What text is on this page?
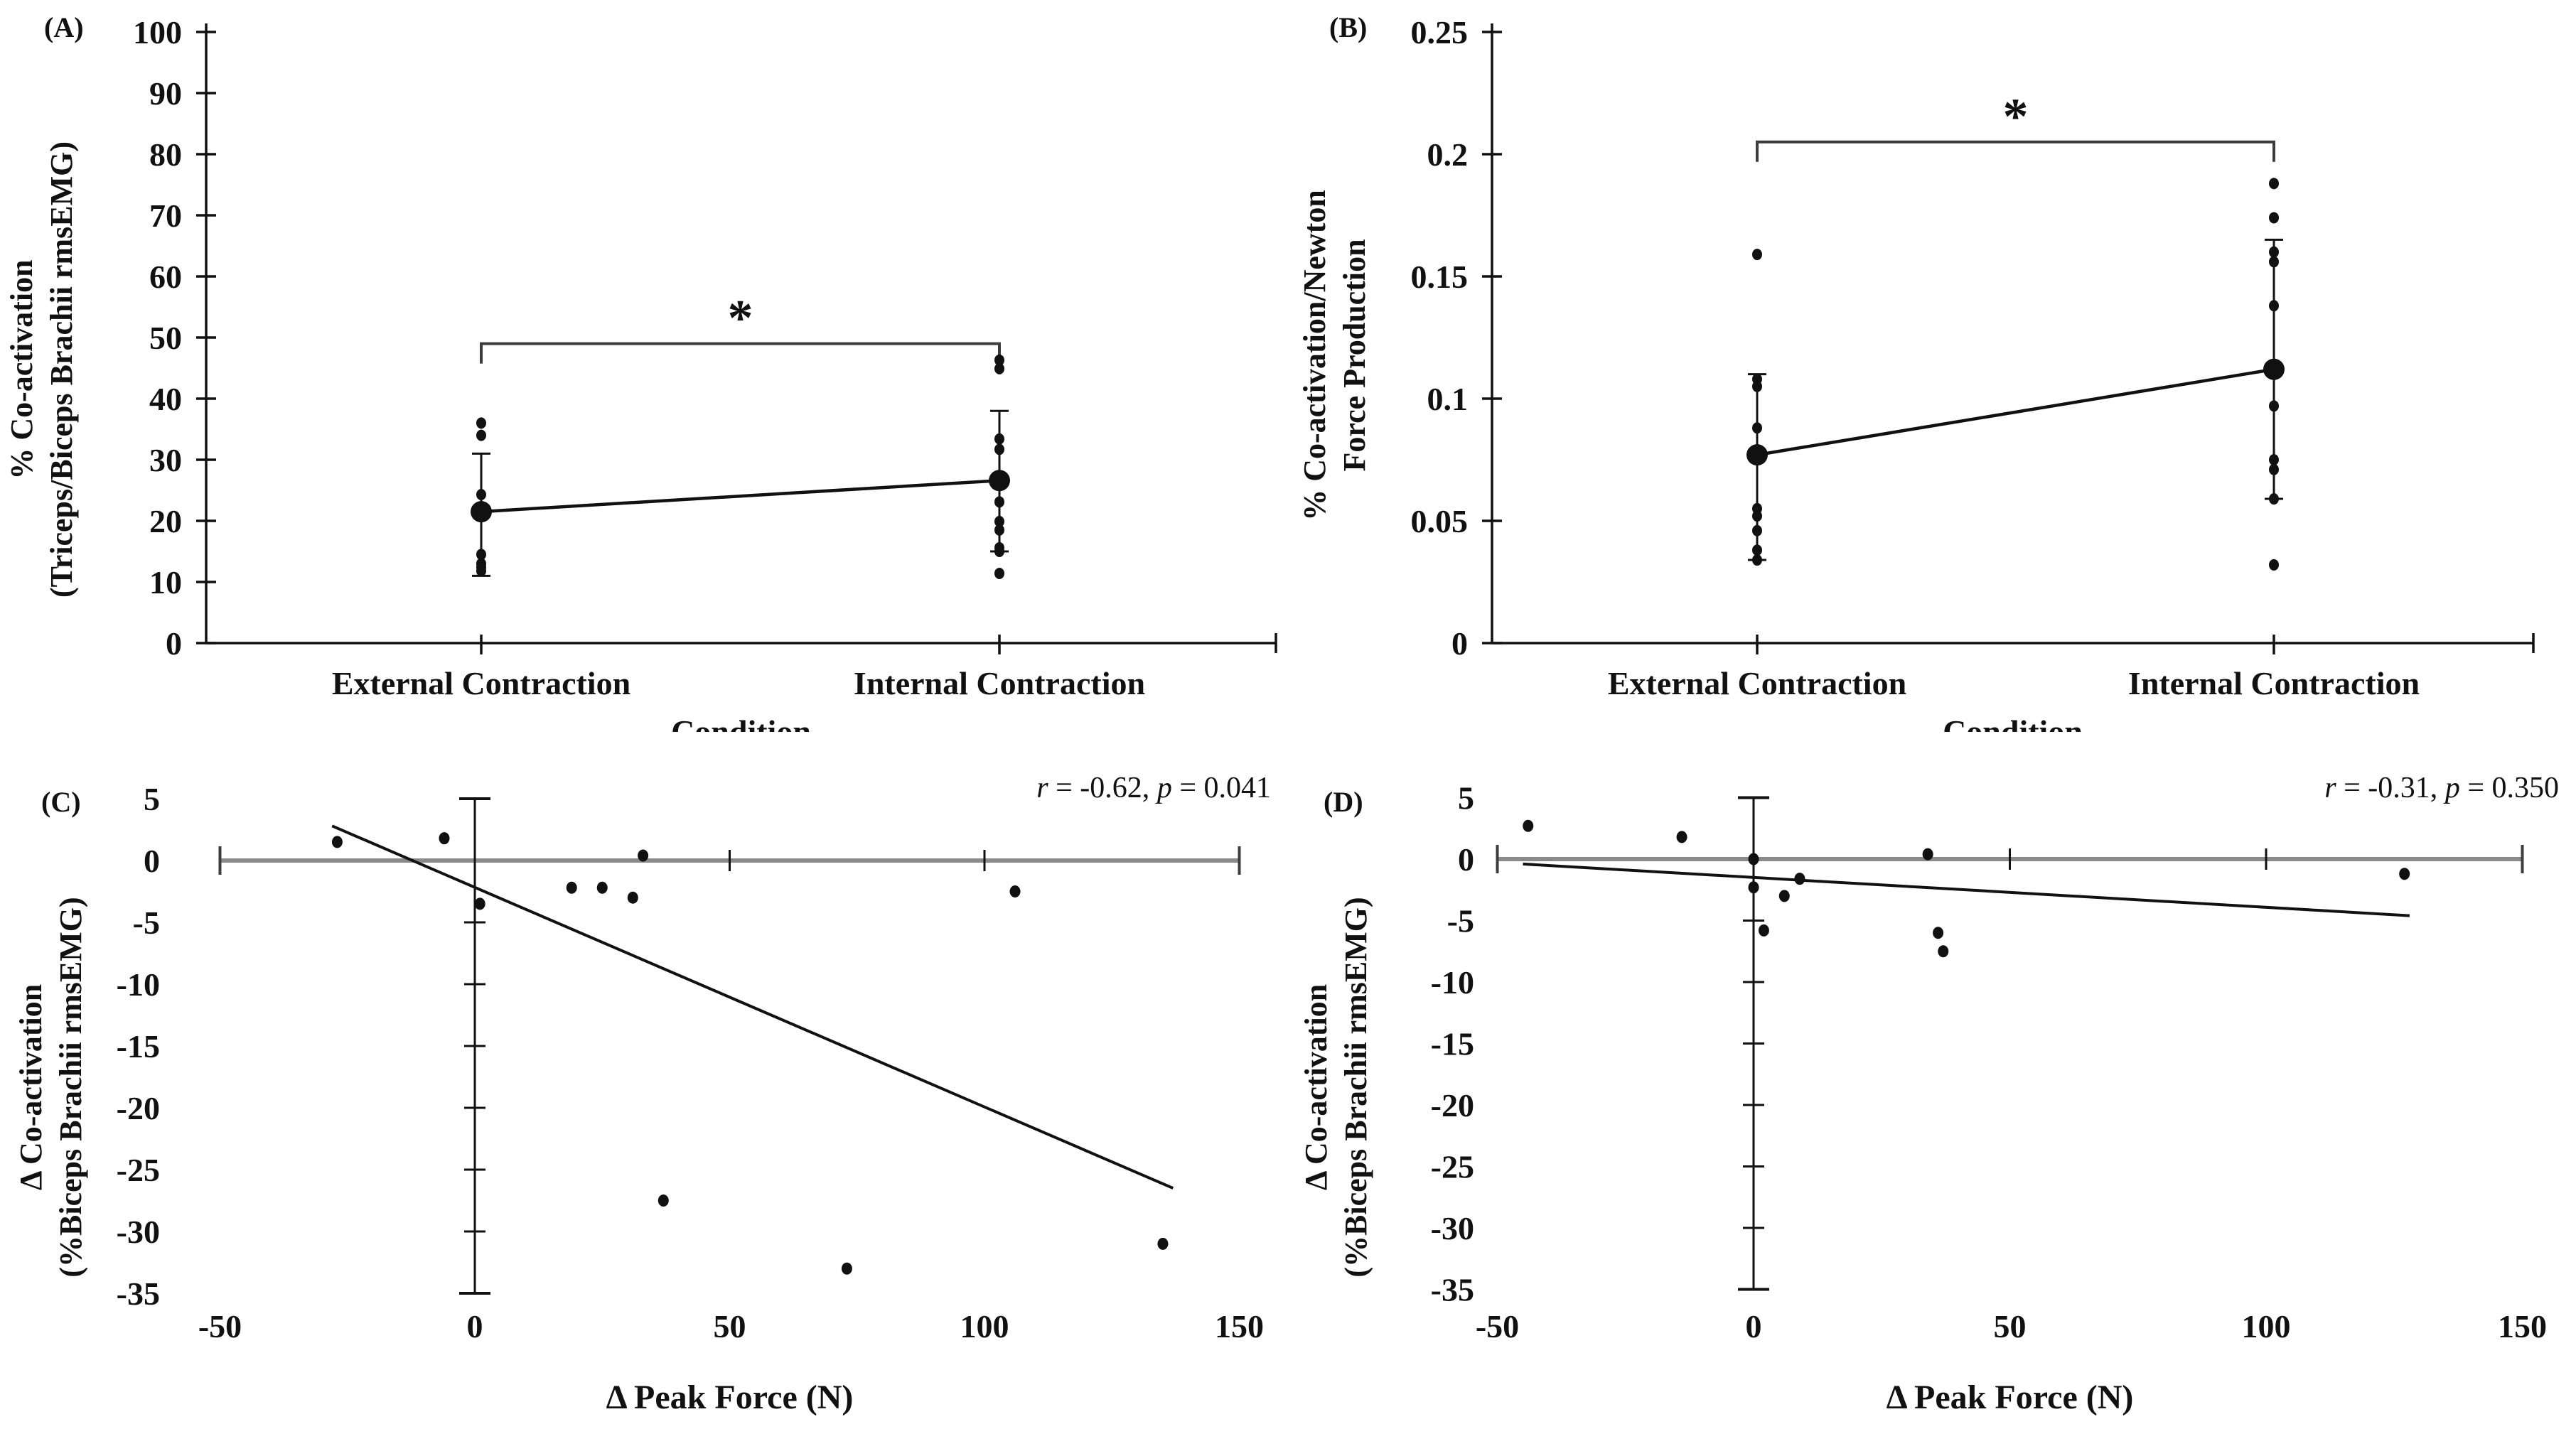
(A)
0
10
20
30
40
50
60
70
80
90
100
External Contraction	Internal Contraction
Condition
% Co-activation (Triceps/Biceps Brachii rmsEMG)	*
(B)
0
0.05
0.1
0.15
0.2
0.25
External Contraction	Internal Contraction
Condition
% Co-activation/Newton Force Production
*
(C) 5
0
-5
-10
-15
-20
-25
-30
-35
-50	0	50	100	150
Δ Peak Force (N)
Δ Co-activation (%Biceps Brachii rmsEMG)
r = -0.62, p = 0.041 (D)	5
0
-5
-10
-15
-20
-25
-30
-35
-50	0	50	100	150
Δ Peak Force (N)
Δ Co-activation (%Biceps Brachii rmsEMG)
r = -0.31, p = 0.350
